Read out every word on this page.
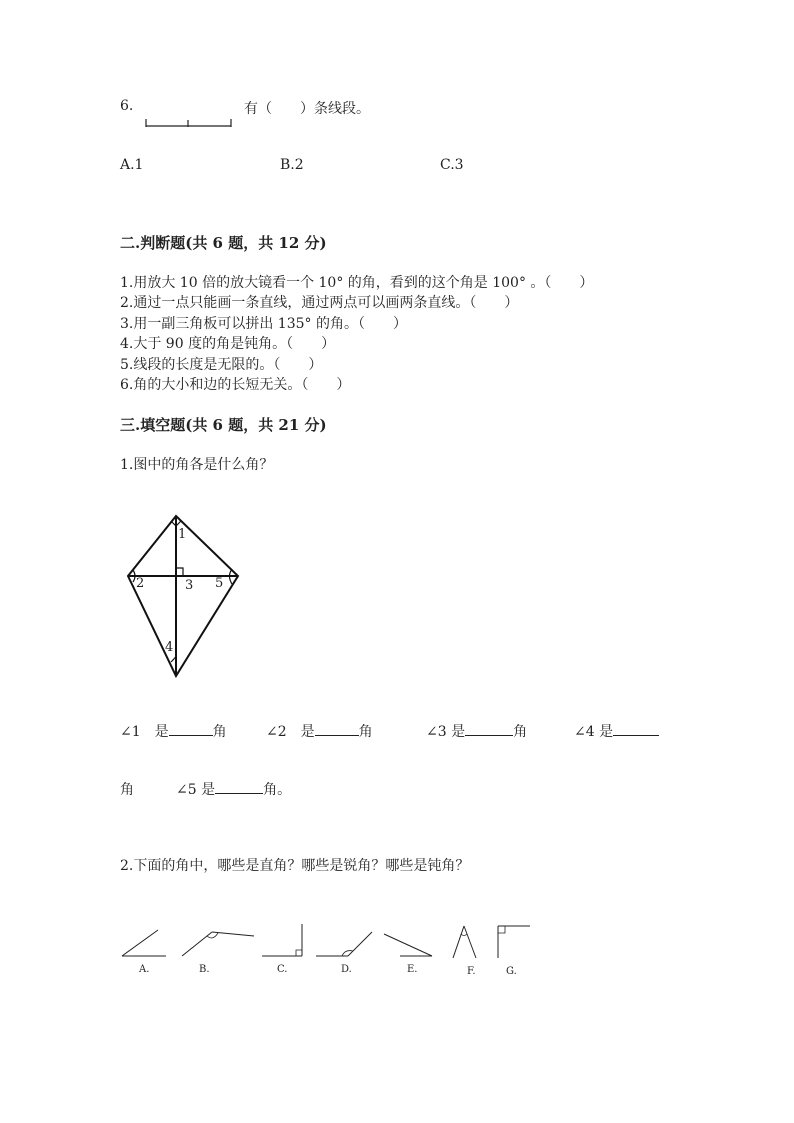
6.	有（　　）条线段。
A.1	B.2	C.3
二.判断题(共 6 题，共 12 分)
1.用放大 10 倍的放大镜看一个 10° 的角，看到的这个角是 100° 。（　　）
2.通过一点只能画一条直线，通过两点可以画两条直线。（　　）
3.用一副三角板可以拼出 135° 的角。（　　）
4.大于 90 度的角是钝角。（　　）
5.线段的长度是无限的。（　　）
6.角的大小和边的长短无关。（　　）
三.填空题(共 6 题，共 21 分)
1.图中的角各是什么角？
1
2	3
4
5
∠1　是	角	∠2　是	角	∠3 是	角	∠4 是
角	∠5 是	角。
2.下面的角中，哪些是直角？哪些是锐角？哪些是钝角？
A.	B.	C.	D.	E.	F.	G.
